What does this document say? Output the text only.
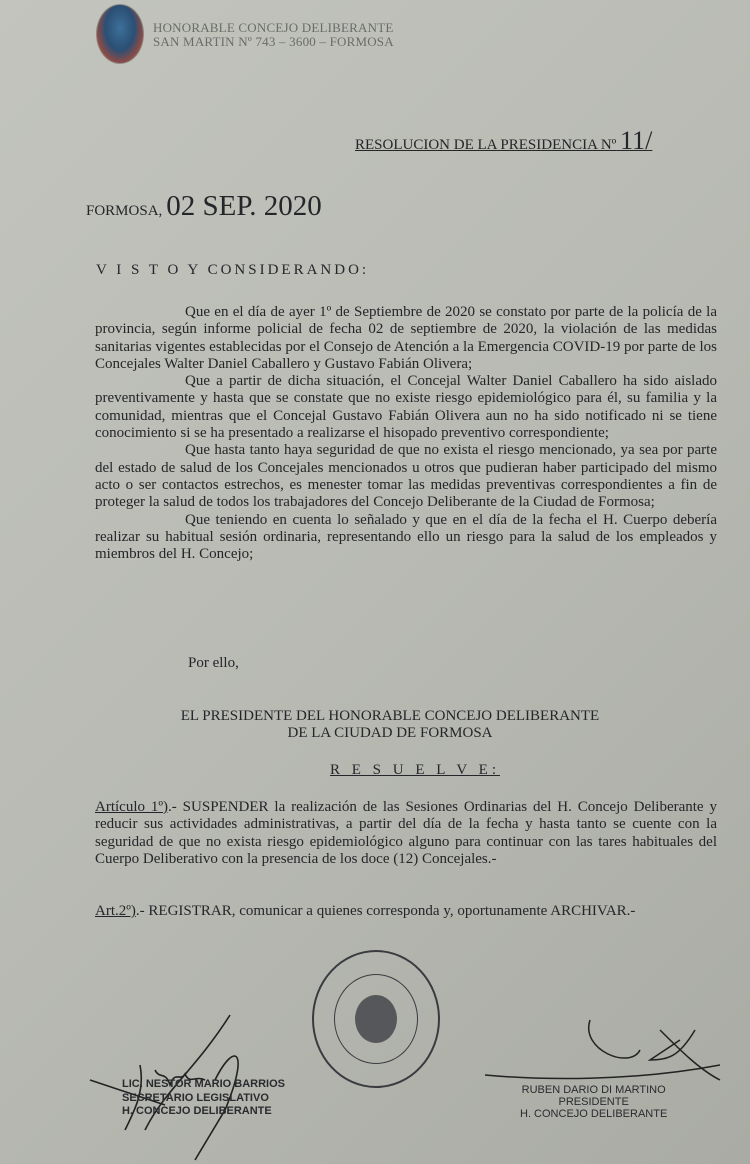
HONORABLE CONCEJO DELIBERANTE
SAN MARTIN Nº 743 – 3600 – FORMOSA
RESOLUCION DE LA PRESIDENCIA Nº 11/
FORMOSA, 02 SEP. 2020
V I S T O Y CONSIDERANDO:

Que en el día de ayer 1º de Septiembre de 2020 se constato por parte de la policía de la provincia, según informe policial de fecha 02 de septiembre de 2020, la violación de las medidas sanitarias vigentes establecidas por el Consejo de Atención a la Emergencia COVID-19 por parte de los Concejales Walter Daniel Caballero y Gustavo Fabián Olivera;

Que a partir de dicha situación, el Concejal Walter Daniel Caballero ha sido aislado preventivamente y hasta que se constate que no existe riesgo epidemiológico para él, su familia y la comunidad, mientras que el Concejal Gustavo Fabián Olivera aun no ha sido notificado ni se tiene conocimiento si se ha presentado a realizarse el hisopado preventivo correspondiente;

Que hasta tanto haya seguridad de que no exista el riesgo mencionado, ya sea por parte del estado de salud de los Concejales mencionados u otros que pudieran haber participado del mismo acto o ser contactos estrechos, es menester tomar las medidas preventivas correspondientes a fin de proteger la salud de todos los trabajadores del Concejo Deliberante de la Ciudad de Formosa;

Que teniendo en cuenta lo señalado y que en el día de la fecha el H. Cuerpo debería realizar su habitual sesión ordinaria, representando ello un riesgo para la salud de los empleados y miembros del H. Concejo;

Por ello,
EL PRESIDENTE DEL HONORABLE CONCEJO DELIBERANTE
DE LA CIUDAD DE FORMOSA
R E S U E L V E:
Artículo 1º).- SUSPENDER la realización de las Sesiones Ordinarias del H. Concejo Deliberante y reducir sus actividades administrativas, a partir del día de la fecha y hasta tanto se cuente con la seguridad de que no exista riesgo epidemiológico alguno para continuar con las tares habituales del Cuerpo Deliberativo con la presencia de los doce (12) Concejales.-
Art.2º).- REGISTRAR, comunicar a quienes corresponda y, oportunamente ARCHIVAR.-
LIC. NESTOR MARIO BARRIOS
SECRETARIO LEGISLATIVO
H. CONCEJO DELIBERANTE
RUBEN DARIO DI MARTINO
PRESIDENTE
H. CONCEJO DELIBERANTE
